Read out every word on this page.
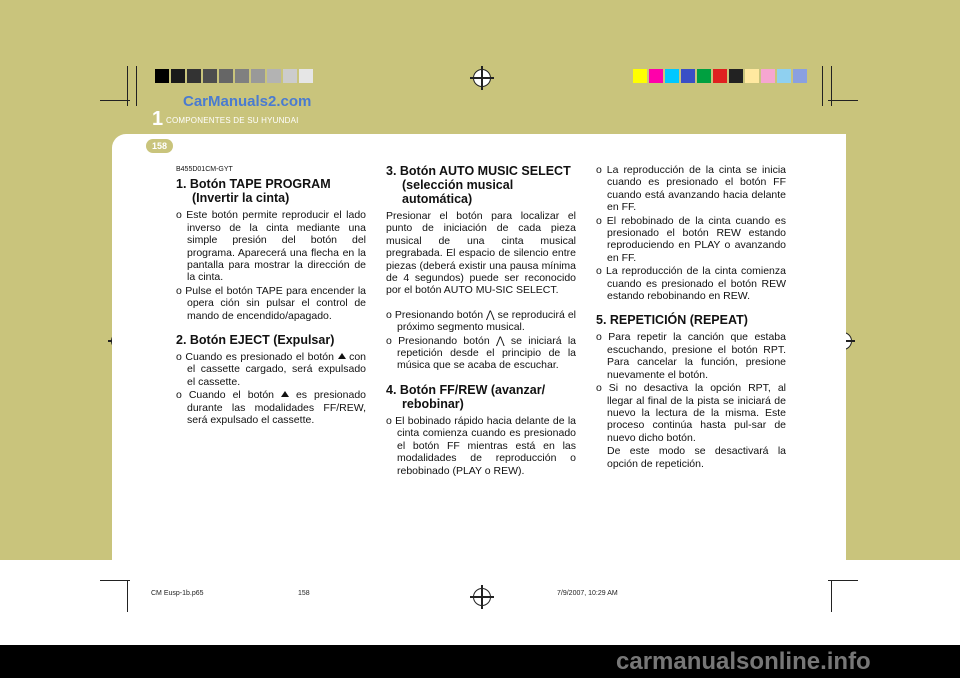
1 COMPONENTES DE SU HYUNDAI
CarManuals2.com
158
B455D01CM-GYT
1. Botón TAPE PROGRAM
(Invertir la cinta)

o Este botón permite reproducir el lado inverso de la cinta mediante una simple presión del botón del programa. Aparecerá una flecha en la pantalla para mostrar la dirección de la cinta.

o Pulse el botón TAPE para encender la opera ción sin pulsar el control de mando de encendido/apagado.

2. Botón EJECT (Expulsar)

o Cuando es presionado el botón con el cassette cargado, será expulsado el cassette.

o Cuando el botón es presionado durante las modalidades FF/REW, será expulsado el cassette.

3. Botón AUTO MUSIC SELECT
(selección musical automática)

Presionar el botón para localizar el punto de iniciación de cada pieza musical de una cinta musical pregrabada. El espacio de silencio entre piezas (deberá existir una pausa mínima de 4 segundos) puede ser reconocido por el botón AUTO MU-SIC SELECT.

o Presionando botón ⋀ se reproducirá el próximo segmento musical.

o Presionando botón ⋀ se iniciará la repetición desde el principio de la música que se acaba de escuchar.

4. Botón FF/REW (avanzar/
rebobinar)

o El bobinado rápido hacia delante de la cinta comienza cuando es presionado el botón FF mientras está en las modalidades de reproducción o rebobinado (PLAY o REW).

o La reproducción de la cinta se inicia cuando es presionado el botón FF cuando está avanzando hacia delante en FF.

o El rebobinado de la cinta cuando es presionado el botón REW estando reproduciendo en PLAY o avanzando en FF.

o La reproducción de la cinta comienza cuando es presionado el botón REW estando rebobinando en REW.

5. REPETICIÓN (REPEAT)

o Para repetir la canción que estaba escuchando, presione el botón RPT. Para cancelar la función, presione nuevamente el botón.

o Si no desactiva la opción RPT, al llegar al final de la pista se iniciará de nuevo la lectura de la misma. Este proceso continúa hasta pul-sar de nuevo dicho botón.

De este modo se desactivará la opción de repetición.

CM Eusp-1b.p65	158	7/9/2007, 10:29 AM
carmanualsonline.info
